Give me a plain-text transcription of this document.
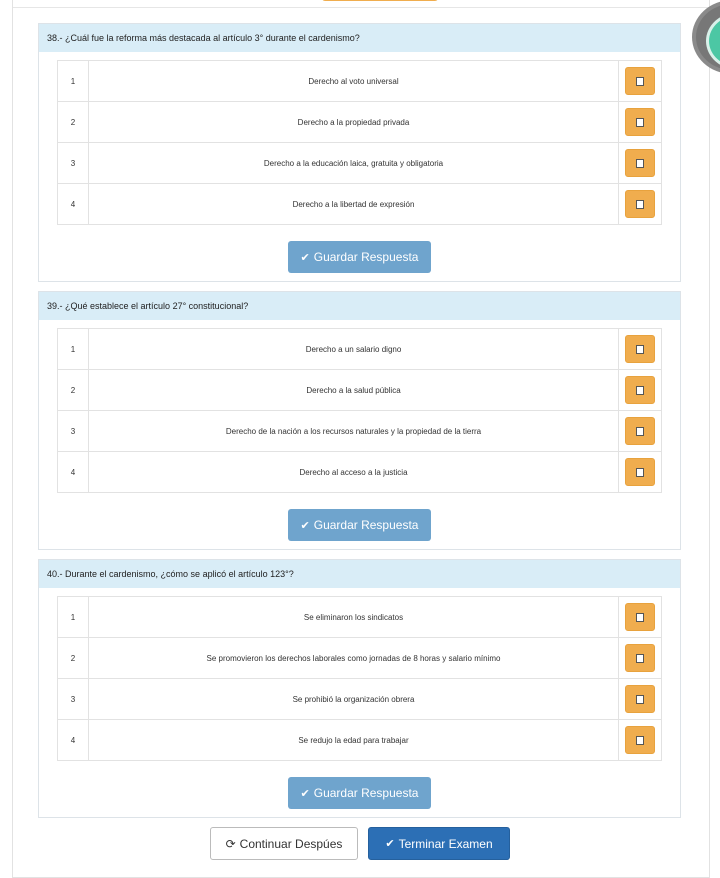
38.- ¿Cuál fue la reforma más destacada al artículo 3° durante el cardenismo?
1	Derecho al voto universal
2	Derecho a la propiedad privada
3	Derecho a la educación laica, gratuita y obligatoria
4	Derecho a la libertad de expresión
✔ Guardar Respuesta
39.- ¿Qué establece el artículo 27° constitucional?
1	Derecho a un salario digno
2	Derecho a la salud pública
3	Derecho de la nación a los recursos naturales y la propiedad de la tierra
4	Derecho al acceso a la justicia
✔ Guardar Respuesta
40.- Durante el cardenismo, ¿cómo se aplicó el artículo 123°?
1	Se eliminaron los sindicatos
2	Se promovieron los derechos laborales como jornadas de 8 horas y salario mínimo
3	Se prohibió la organización obrera
4	Se redujo la edad para trabajar
✔ Guardar Respuesta
⟳ Continuar Despúes	✔ Terminar Examen
